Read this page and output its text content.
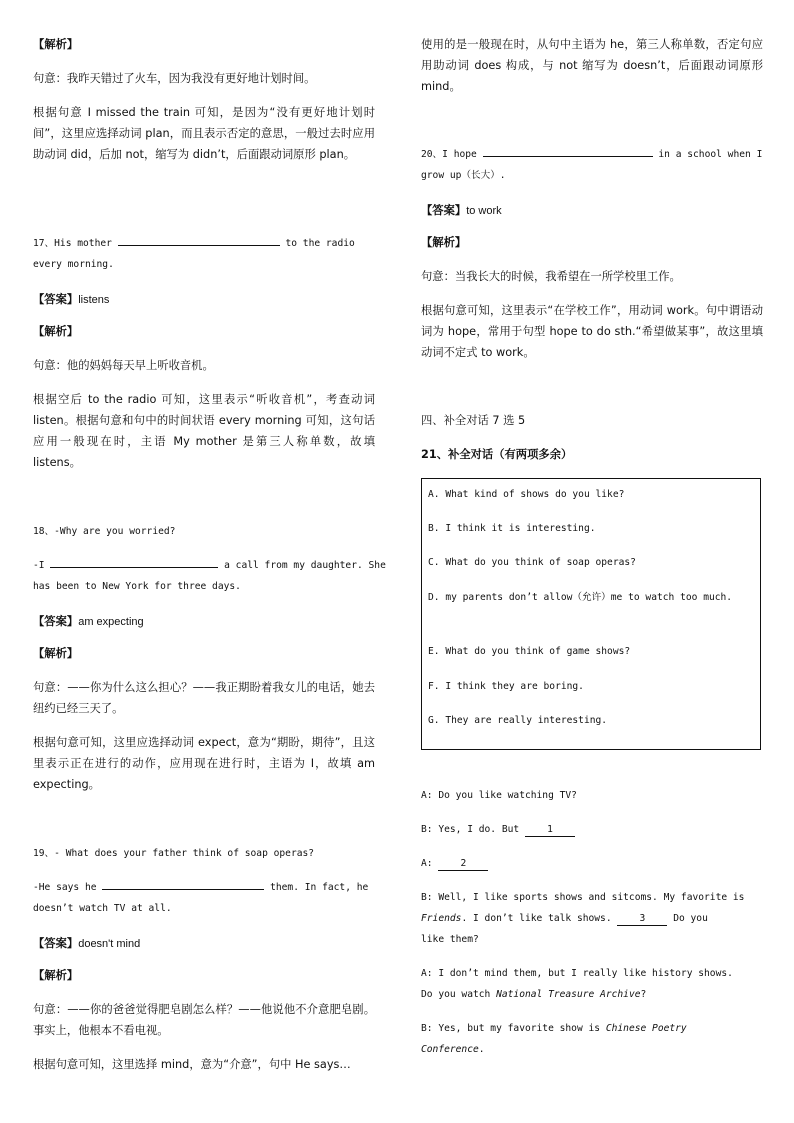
【解析】

句意：我昨天错过了火车，因为我没有更好地计划时间。

根据句意 I missed the train 可知，是因为“没有更好地计划时间”，这里应选择动词 plan，而且表示否定的意思，一般过去时应用助动词 did，后加 not，缩写为 didn’t，后面跟动词原形 plan。

17、His mother	to the radio

every morning.

【答案】listens

【解析】

句意：他的妈妈每天早上听收音机。

根据空后 to the radio 可知，这里表示“听收音机”，考查动词 listen。根据句意和句中的时间状语 every morning 可知，这句话应用一般现在时，主语 My mother 是第三人称单数，故填 listens。

18、-Why are you worried?

-I	a call from my daughter. She

has been to New York for three days.

【答案】am expecting

【解析】

句意：——你为什么这么担心？——我正期盼着我女儿的电话，她去纽约已经三天了。

根据句意可知，这里应选择动词 expect，意为“期盼，期待”，且这里表示正在进行的动作，应用现在进行时，主语为 I，故填 am expecting。

19、- What does your father think of soap operas?

-He says he	them. In fact, he

doesn’t watch TV at all.

【答案】doesn't mind

【解析】

句意：——你的爸爸觉得肥皂剧怎么样？——他说他不介意肥皂剧。事实上，他根本不看电视。

根据句意可知，这里选择 mind，意为“介意”，句中 He says…

使用的是一般现在时，从句中主语为 he，第三人称单数，否定句应用助动词 does 构成，与 not 缩写为 doesn’t，后面跟动词原形 mind。

20、I hope	in a school when I

grow up（长大）.

【答案】to work

【解析】

句意：当我长大的时候，我希望在一所学校里工作。

根据句意可知，这里表示“在学校工作”，用动词 work。句中谓语动词为 hope，常用于句型 hope to do sth.“希望做某事”，故这里填动词不定式 to work。

四、补全对话 7 选 5

21、补全对话（有两项多余）

A. What kind of shows do you like?

B. I think it is interesting.

C. What do you think of soap operas?

D. my parents don’t allow（允许）me to watch too much.

E. What do you think of game shows?

F. I think they are boring.

G. They are really interesting.

A: Do you like watching TV?

B: Yes, I do. But	1

A:	2

B: Well, I like sports shows and sitcoms. My favorite is

Friends. I don’t like talk shows.	3	Do you

like them?

A: I don’t mind them, but I really like history shows.

Do you watch National Treasure Archive?

B: Yes, but my favorite show is Chinese Poetry

Conference.
